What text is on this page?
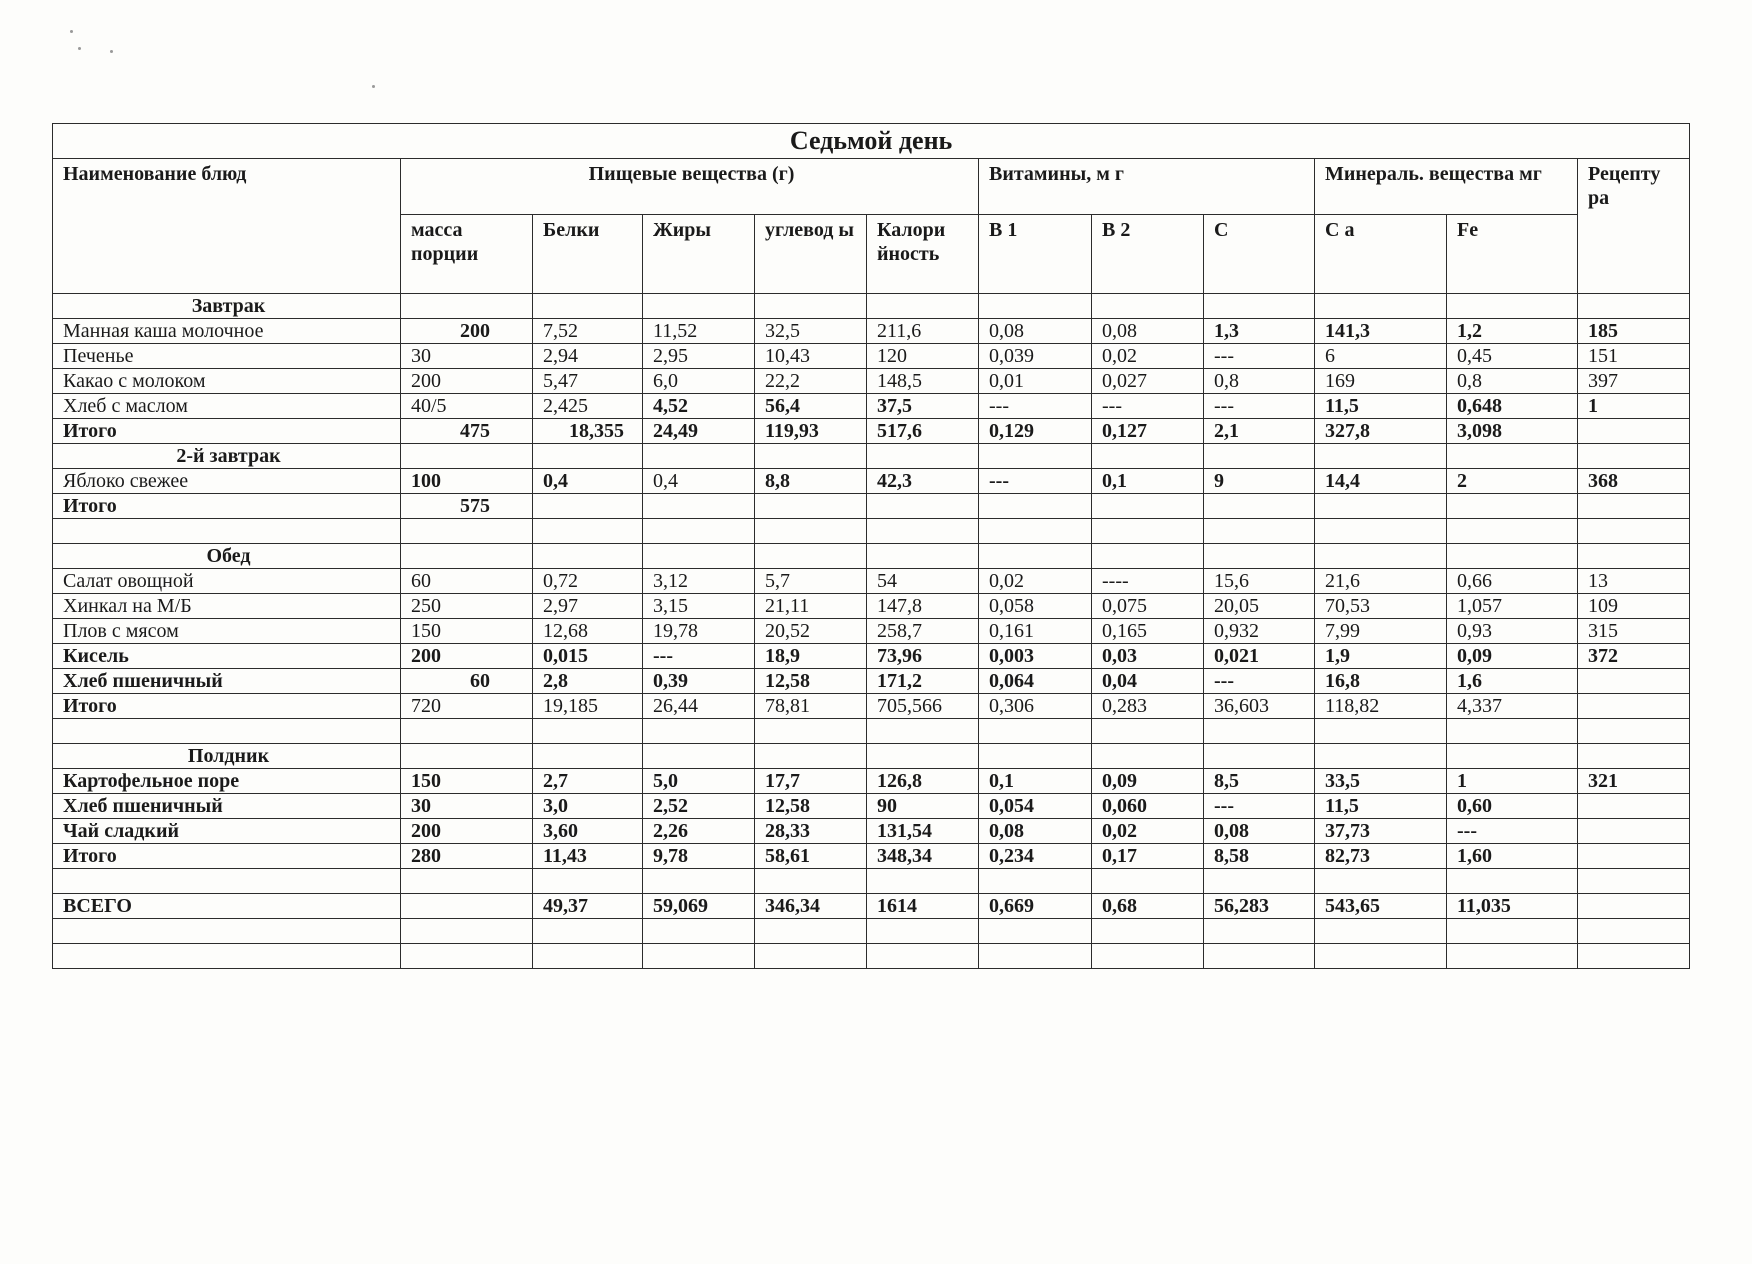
Седьмой день											
Наименование блюд	Пищевые вещества (г)					Витамины, м г			Минераль. вещества мг		Рецепту ра
	масса порции	Белки	Жиры	углевод ы	Калори йность	В 1	В 2	С	С а	Fe	
Завтрак											
Манная каша молочное	200	7,52	11,52	32,5	211,6	0,08	0,08	1,3	141,3	1,2	185
Печенье	30	2,94	2,95	10,43	120	0,039	0,02	---	6	0,45	151
Какао с молоком	200	5,47	6,0	22,2	148,5	0,01	0,027	0,8	169	0,8	397
Хлеб с маслом	40/5	2,425	4,52	56,4	37,5	---	---	---	11,5	0,648	1
Итого	475	18,355	24,49	119,93	517,6	0,129	0,127	2,1	327,8	3,098	
2-й завтрак											
Яблоко свежее	100	0,4	0,4	8,8	42,3	---	0,1	9	14,4	2	368
Итого	575										

Обед											
Салат овощной	60	0,72	3,12	5,7	54	0,02	----	15,6	21,6	0,66	13
Хинкал на М/Б	250	2,97	3,15	21,11	147,8	0,058	0,075	20,05	70,53	1,057	109
Плов с мясом	150	12,68	19,78	20,52	258,7	0,161	0,165	0,932	7,99	0,93	315
Кисель	200	0,015	---	18,9	73,96	0,003	0,03	0,021	1,9	0,09	372
Хлеб пшеничный	60	2,8	0,39	12,58	171,2	0,064	0,04	---	16,8	1,6	
Итого	720	19,185	26,44	78,81	705,566	0,306	0,283	36,603	118,82	4,337	

Полдник											
Картофельное поре	150	2,7	5,0	17,7	126,8	0,1	0,09	8,5	33,5	1	321
Хлеб пшеничный	30	3,0	2,52	12,58	90	0,054	0,060	---	11,5	0,60	
Чай сладкий	200	3,60	2,26	28,33	131,54	0,08	0,02	0,08	37,73	---	
Итого	280	11,43	9,78	58,61	348,34	0,234	0,17	8,58	82,73	1,60	

ВСЕГО		49,37	59,069	346,34	1614	0,669	0,68	56,283	543,65	11,035	
